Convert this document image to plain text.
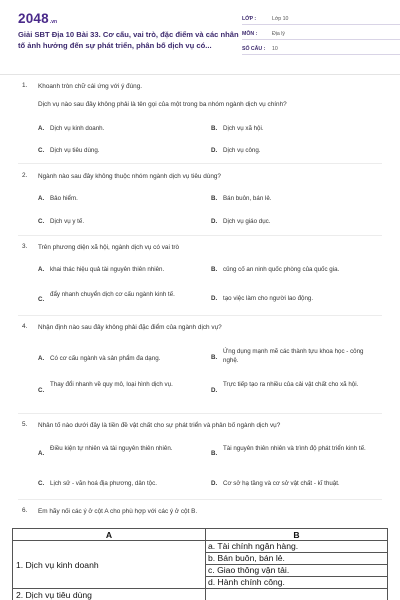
2048 .vn
Giải SBT Địa 10 Bài 33. Cơ cấu, vai trò, đặc điểm và các nhân tố ảnh hưởng đến sự phát triển, phân bố dịch vụ có...
LỚP :	Lớp 10
MÔN :	Địa lý
SỐ CÂU :	10
1. Khoanh tròn chữ cái ứng với ý đúng.
Dịch vụ nào sau đây không phải là tên gọi của một trong ba nhóm ngành dịch vụ chính?
A. Dịch vụ kinh doanh.	B. Dịch vụ xã hội.
C. Dịch vụ tiêu dùng.	D. Dịch vụ công.
2. Ngành nào sau đây không thuộc nhóm ngành dịch vụ tiêu dùng?
A. Bảo hiểm.	B. Bán buôn, bán lẻ.
C. Dịch vụ y tế.	D. Dịch vụ giáo dục.
3. Trên phương diện xã hội, ngành dịch vụ có vai trò
A. khai thác hiệu quả tài nguyên thiên nhiên.	B. củng cố an ninh quốc phòng của quốc gia.
C.
đẩy nhanh chuyển dịch cơ cấu ngành kinh tế.
D. tạo việc làm cho người lao động.
4. Nhận định nào sau đây không phải đặc điểm của ngành dịch vụ?
A. Có cơ cấu ngành và sản phẩm đa dạng.	B.
Ứng dụng mạnh mẽ các thành tựu khoa học - công nghệ.
C.
Thay đổi nhanh về quy mô, loại hình dịch vụ.
D.
Trực tiếp tạo ra nhiều của cải vật chất cho xã hội.
5. Nhân tố nào dưới đây là tiền đề vật chất cho sự phát triển và phân bố ngành dịch vụ?
A.
Điều kiện tự nhiên và tài nguyên thiên nhiên.
B.
Tài nguyên thiên nhiên và trình độ phát triển kinh tế.
C. Lịch sử - văn hoá địa phương, dân tộc.	D. Cơ sở hạ tầng và cơ sở vật chất - kĩ thuật.
6. Em hãy nối các ý ở cột A cho phù hợp với các ý ở cột B.
A	B
1. Dịch vụ kinh doanh	a. Tài chính ngân hàng.
	b. Bán buôn, bán lẻ.
	c. Giao thông vận tải.
	d. Hành chính công.
2. Dịch vụ tiêu dùng	
